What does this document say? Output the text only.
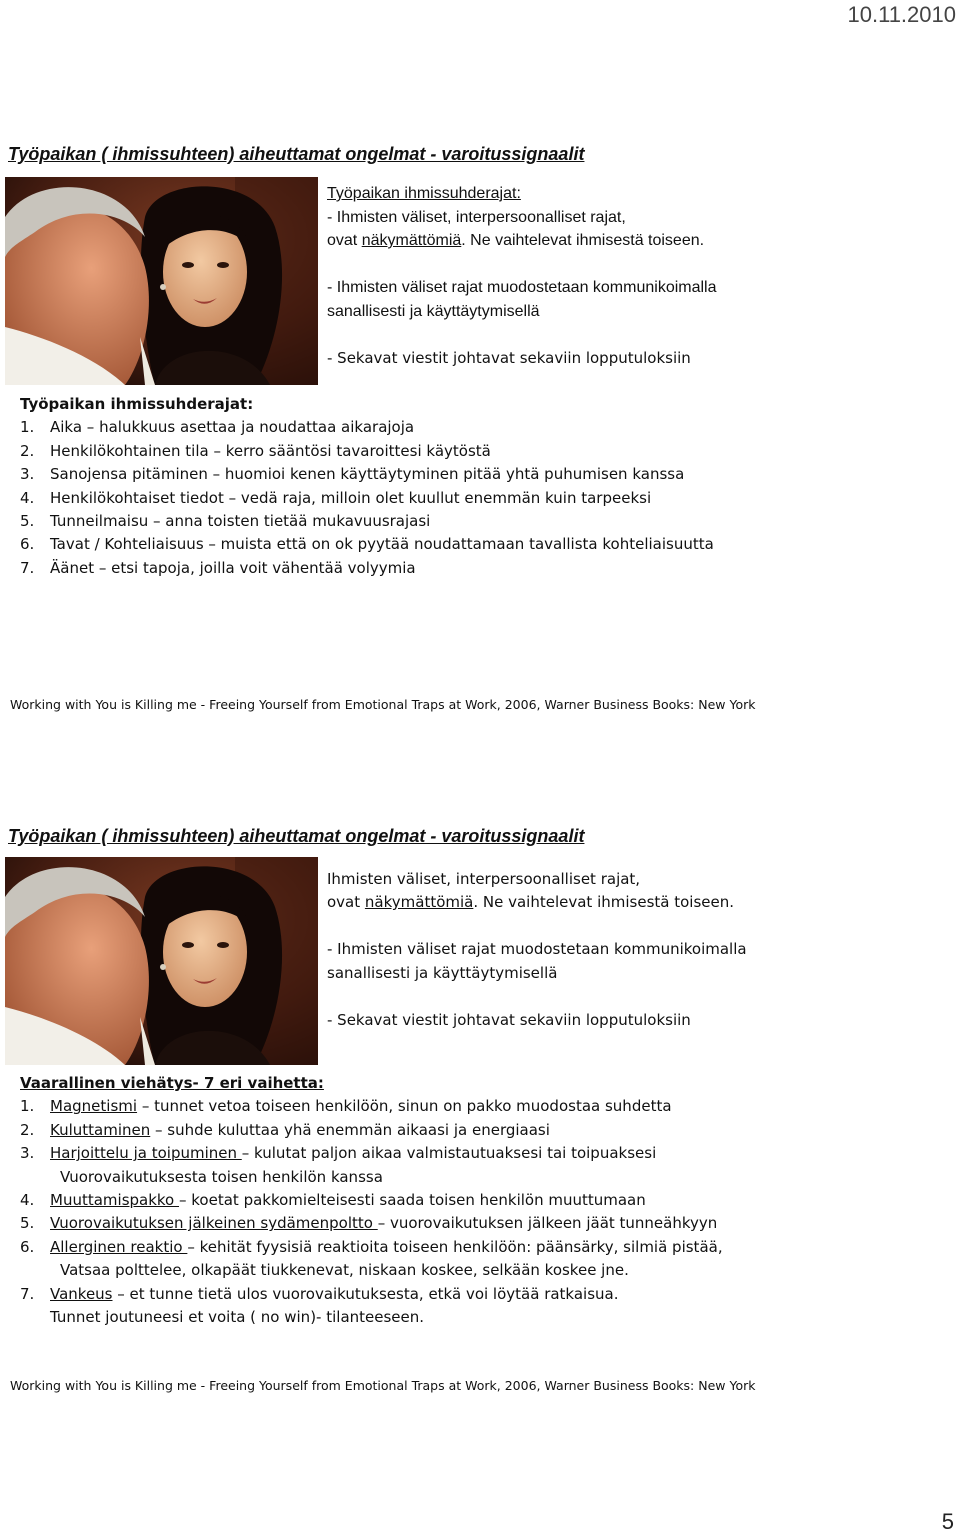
10.11.2010
Työpaikan ( ihmissuhteen) aiheuttamat ongelmat - varoitussignaalit
Työpaikan ihmissuhderajat:
- Ihmisten väliset, interpersoonalliset rajat,
ovat näkymättömiä. Ne vaihtelevat ihmisestä toiseen.
- Ihmisten väliset rajat muodostetaan kommunikoimalla
sanallisesti ja käyttäytymisellä
- Sekavat viestit johtavat sekaviin lopputuloksiin
Työpaikan ihmissuhderajat:
1. Aika – halukkuus asettaa ja noudattaa aikarajoja
2. Henkilökohtainen tila – kerro sääntösi tavaroittesi käytöstä
3. Sanojensa pitäminen – huomioi kenen käyttäytyminen pitää yhtä puhumisen kanssa
4. Henkilökohtaiset tiedot – vedä raja, milloin olet kuullut enemmän kuin tarpeeksi
5. Tunneilmaisu – anna toisten tietää mukavuusrajasi
6. Tavat / Kohteliaisuus – muista että on ok pyytää noudattamaan tavallista kohteliaisuutta
7. Äänet – etsi tapoja, joilla voit vähentää volyymia
Working with You is Killing me - Freeing Yourself from Emotional Traps at Work, 2006, Warner Business Books: New York
Työpaikan ( ihmissuhteen) aiheuttamat ongelmat - varoitussignaalit
Ihmisten väliset, interpersoonalliset rajat,
ovat näkymättömiä. Ne vaihtelevat ihmisestä toiseen.
- Ihmisten väliset rajat muodostetaan kommunikoimalla
sanallisesti ja käyttäytymisellä
- Sekavat viestit johtavat sekaviin lopputuloksiin
Vaarallinen viehätys- 7 eri vaihetta:
1. Magnetismi – tunnet vetoa toiseen henkilöön, sinun on pakko muodostaa suhdetta
2. Kuluttaminen – suhde kuluttaa yhä enemmän aikaasi ja energiaasi
3. Harjoittelu ja toipuminen – kulutat paljon aikaa valmistautuaksesi tai toipuaksesi
Vuorovaikutuksesta toisen henkilön kanssa
4. Muuttamispakko – koetat pakkomielteisesti saada toisen henkilön muuttumaan
5. Vuorovaikutuksen jälkeinen sydämenpoltto – vuorovaikutuksen jälkeen jäät tunneähkyyn
6. Allerginen reaktio – kehität fyysisiä reaktioita toiseen henkilöön: päänsärky, silmiä pistää,
Vatsaa polttelee, olkapäät tiukkenevat, niskaan koskee, selkään koskee jne.
7. Vankeus – et tunne tietä ulos vuorovaikutuksesta, etkä voi löytää ratkaisua.
Tunnet joutuneesi et voita ( no win)- tilanteeseen.
Working with You is Killing me - Freeing Yourself from Emotional Traps at Work, 2006, Warner Business Books: New York
5
